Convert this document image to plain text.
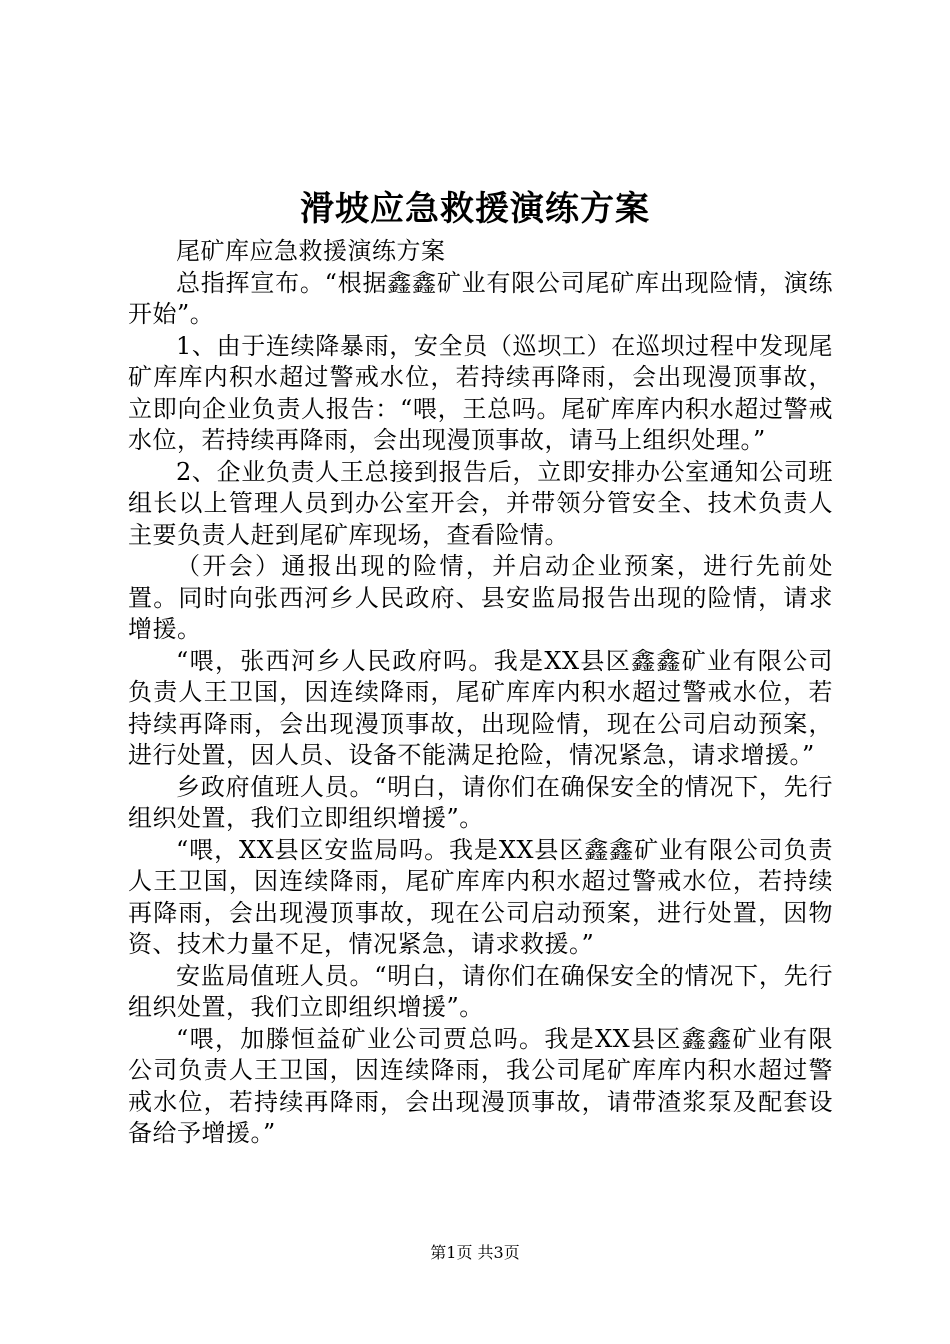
滑坡应急救援演练方案

尾矿库应急救援演练方案

总指挥宣布。“根据鑫鑫矿业有限公司尾矿库出现险情，演练开始”。

1、由于连续降暴雨，安全员（巡坝工）在巡坝过程中发现尾矿库库内积水超过警戒水位，若持续再降雨，会出现漫顶事故，立即向企业负责人报告：“喂，王总吗。尾矿库库内积水超过警戒水位，若持续再降雨，会出现漫顶事故，请马上组织处理。”

2、企业负责人王总接到报告后，立即安排办公室通知公司班组长以上管理人员到办公室开会，并带领分管安全、技术负责人主要负责人赶到尾矿库现场，查看险情。

（开会）通报出现的险情，并启动企业预案，进行先前处置。同时向张西河乡人民政府、县安监局报告出现的险情，请求增援。

“喂，张西河乡人民政府吗。我是XX县区鑫鑫矿业有限公司负责人王卫国，因连续降雨，尾矿库库内积水超过警戒水位，若持续再降雨，会出现漫顶事故，出现险情，现在公司启动预案，进行处置，因人员、设备不能满足抢险，情况紧急，请求增援。”

乡政府值班人员。“明白，请你们在确保安全的情况下，先行组织处置，我们立即组织增援”。

“喂，XX县区安监局吗。我是XX县区鑫鑫矿业有限公司负责人王卫国，因连续降雨，尾矿库库内积水超过警戒水位，若持续再降雨，会出现漫顶事故，现在公司启动预案，进行处置，因物资、技术力量不足，情况紧急，请求救援。”

安监局值班人员。“明白，请你们在确保安全的情况下，先行组织处置，我们立即组织增援”。

“喂，加滕恒益矿业公司贾总吗。我是XX县区鑫鑫矿业有限公司负责人王卫国，因连续降雨，我公司尾矿库库内积水超过警戒水位，若持续再降雨，会出现漫顶事故，请带渣浆泵及配套设备给予增援。”

第1页 共3页
